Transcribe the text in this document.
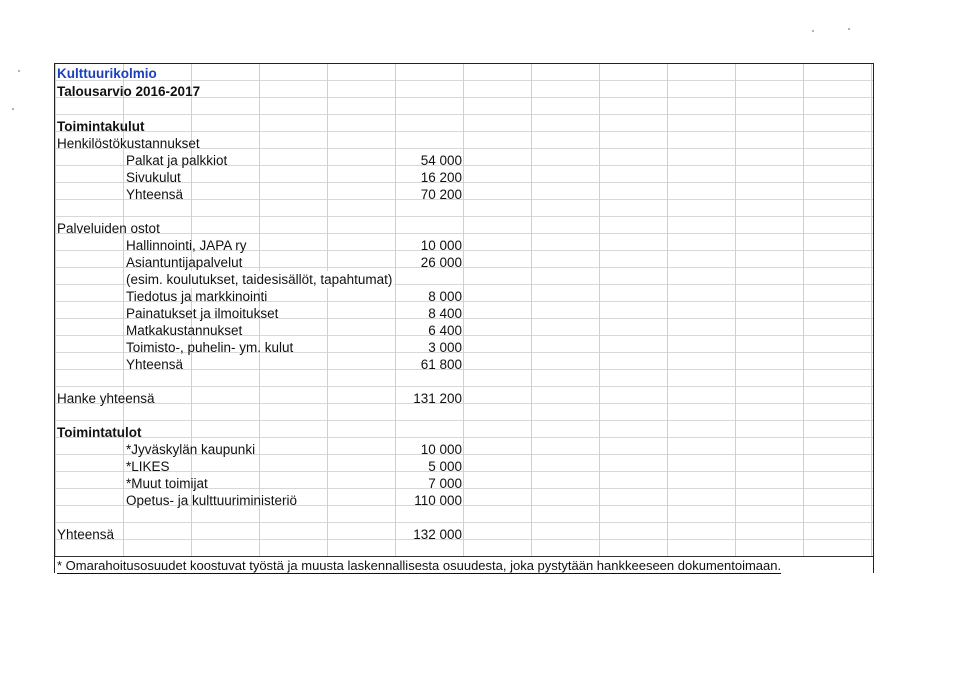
Kulttuurikolmio
Talousarvio 2016-2017
Toimintakulut
Henkilöstökustannukset
Palkat ja palkkiot	54 000
Sivukulut	16 200
Yhteensä	70 200
Palveluiden ostot
Hallinnointi, JAPA ry	10 000
Asiantuntijapalvelut	26 000
(esim. koulutukset, taidesisällöt, tapahtumat)
Tiedotus ja markkinointi	8 000
Painatukset ja ilmoitukset	8 400
Matkakustannukset	6 400
Toimisto-, puhelin- ym. kulut	3 000
Yhteensä	61 800
Hanke yhteensä	131 200
Toimintatulot
*Jyväskylän kaupunki	10 000
*LIKES	5 000
*Muut toimijat	7 000
Opetus- ja kulttuuriministeriö	110 000
Yhteensä	132 000
* Omarahoitusosuudet koostuvat työstä ja muusta laskennallisesta osuudesta, joka pystytään hankkeeseen dokumentoimaan.
